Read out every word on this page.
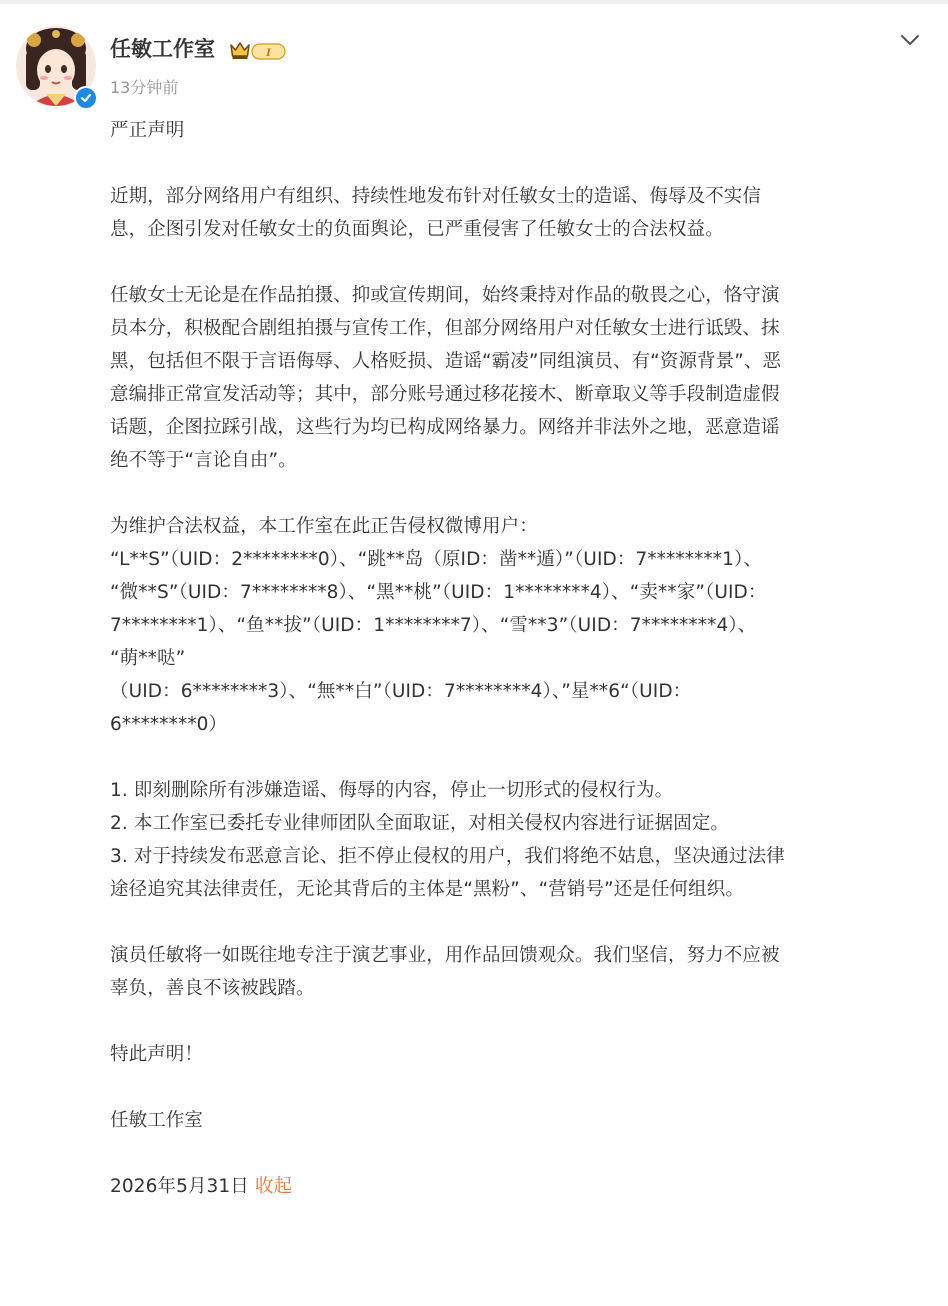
任敏工作室	I
13分钟前

严正声明

近期，部分网络用户有组织、持续性地发布针对任敏女士的造谣、侮辱及不实信

息，企图引发对任敏女士的负面舆论，已严重侵害了任敏女士的合法权益。

任敏女士无论是在作品拍摄、抑或宣传期间，始终秉持对作品的敬畏之心，恪守演

员本分，积极配合剧组拍摄与宣传工作，但部分网络用户对任敏女士进行诋毁、抹

黑，包括但不限于言语侮辱、人格贬损、造谣“霸凌”同组演员、有“资源背景”、恶

意编排正常宣发活动等；其中，部分账号通过移花接木、断章取义等手段制造虚假

话题，企图拉踩引战，这些行为均已构成网络暴力。网络并非法外之地，恶意造谣

绝不等于“言论自由”。

为维护合法权益，本工作室在此正告侵权微博用户：

“L**S”（UID：2********0）、“跳**岛（原ID：凿**遁）”（UID：7********1）、

“微**S”（UID：7********8）、“黑**桃”（UID：1********4）、“卖**家”（UID：

7********1）、“鱼**拔”（UID：1********7）、“雪**3”（UID：7********4）、

“萌**哒”

（UID：6********3）、“無**白”（UID：7********4）、”星**6“（UID：

6********0）

1. 即刻删除所有涉嫌造谣、侮辱的内容，停止一切形式的侵权行为。

2. 本工作室已委托专业律师团队全面取证，对相关侵权内容进行证据固定。

3. 对于持续发布恶意言论、拒不停止侵权的用户，我们将绝不姑息，坚决通过法律

途径追究其法律责任，无论其背后的主体是“黑粉”、“营销号”还是任何组织。

演员任敏将一如既往地专注于演艺事业，用作品回馈观众。我们坚信，努力不应被

辜负，善良不该被践踏。

特此声明！

任敏工作室

2026年5月31日 收起
